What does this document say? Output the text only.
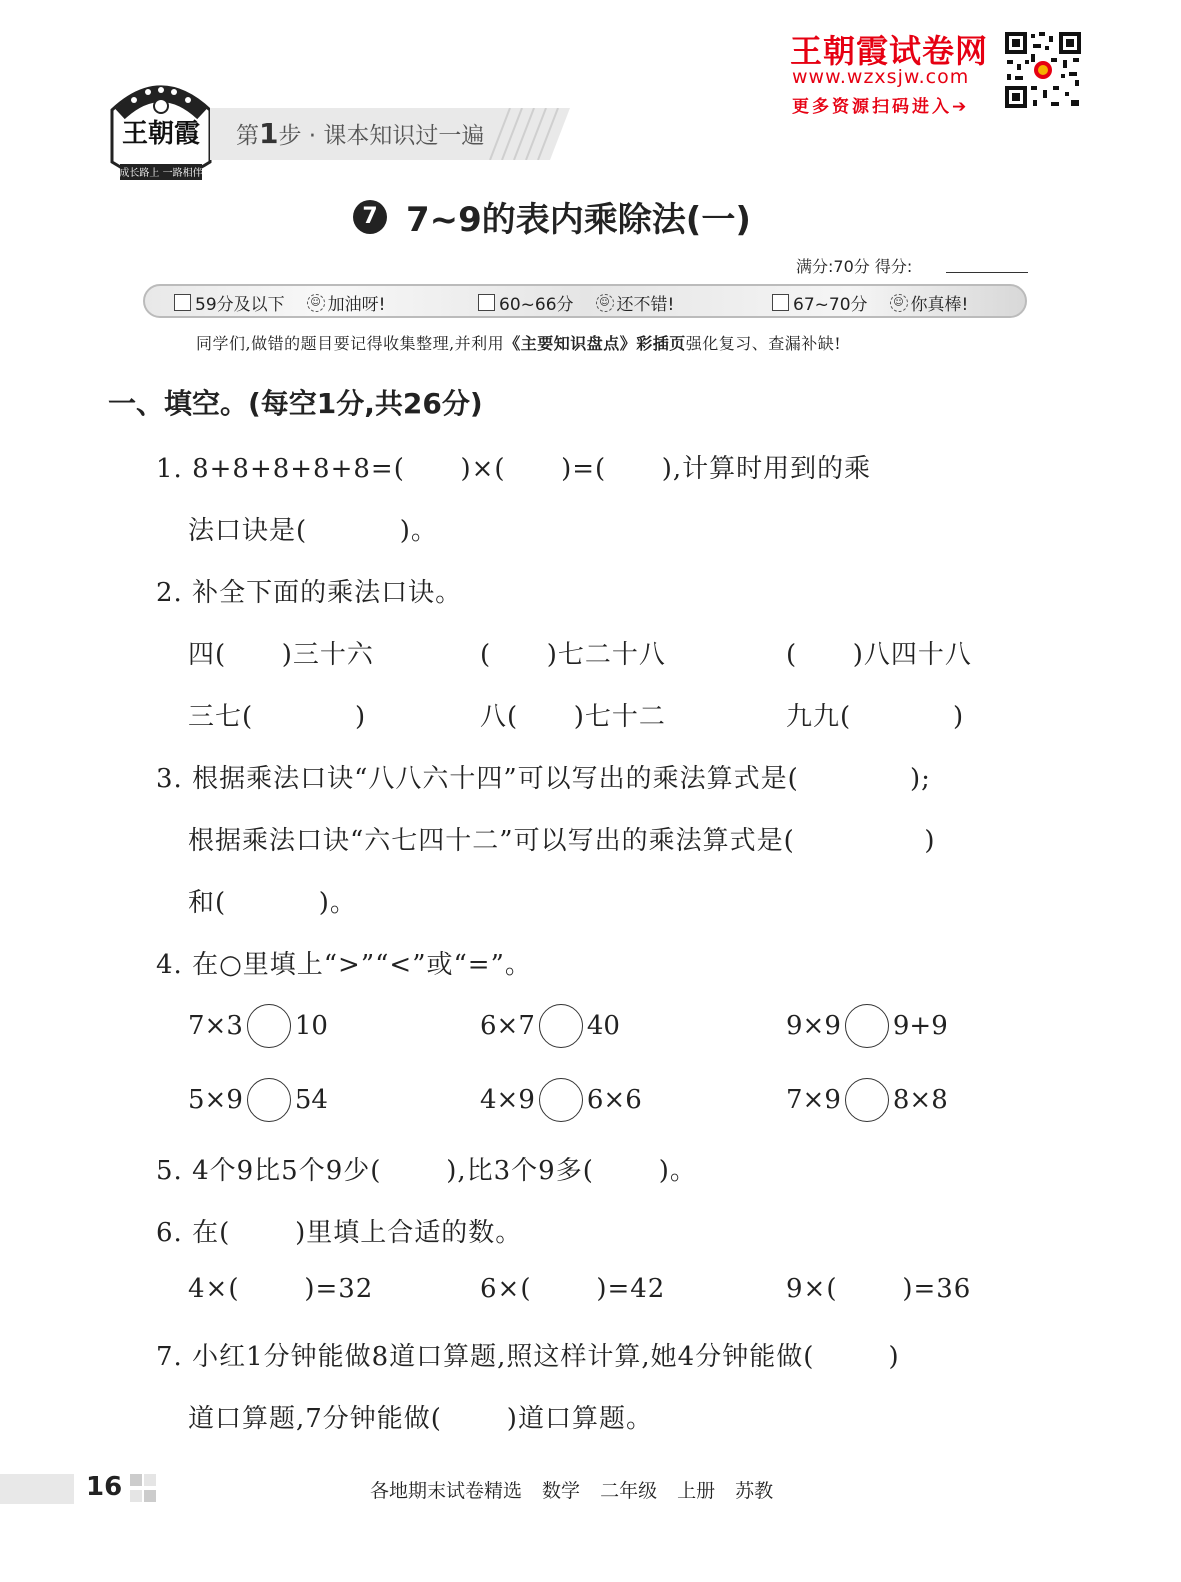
王朝霞试卷网
www.wzxsjw.com
更多资源扫码进入➔
王朝霞
成长路上 一路相伴
第1步 · 课本知识过一遍
7 7~9的表内乘除法(一)
满分:70分 得分:
59分及以下	☺ 加油呀!	60~66分	☺ 还不错!	67~70分	☺ 你真棒!
同学们,做错的题目要记得收集整理,并利用《主要知识盘点》彩插页强化复习、查漏补缺!
一、填空。(每空1分,共26分)
1. 8+8+8+8+8=(      )×(      )=(      ),计算时用到的乘
法口诀是(          )。
2. 补全下面的乘法口诀。
四(      )三十六	(      )七二十八	(      )八四十八
三七(           )	八(      )七十二	九九(           )
3. 根据乘法口诀“八八六十四”可以写出的乘法算式是(            );
根据乘法口诀“六七四十二”可以写出的乘法算式是(              )
和(          )。
4. 在○里填上“>”“<”或“=”。
7×3 10	6×7 40	9×9 9+9
5×9 54	4×9 6×6	7×9 8×8
5. 4个9比5个9少(       ),比3个9多(       )。
6. 在(       )里填上合适的数。
4×(       )=32	6×(       )=42	9×(       )=36
7. 小红1分钟能做8道口算题,照这样计算,她4分钟能做(        )
道口算题,7分钟能做(       )道口算题。
16	各地期末试卷精选 数学 二年级 上册 苏教
